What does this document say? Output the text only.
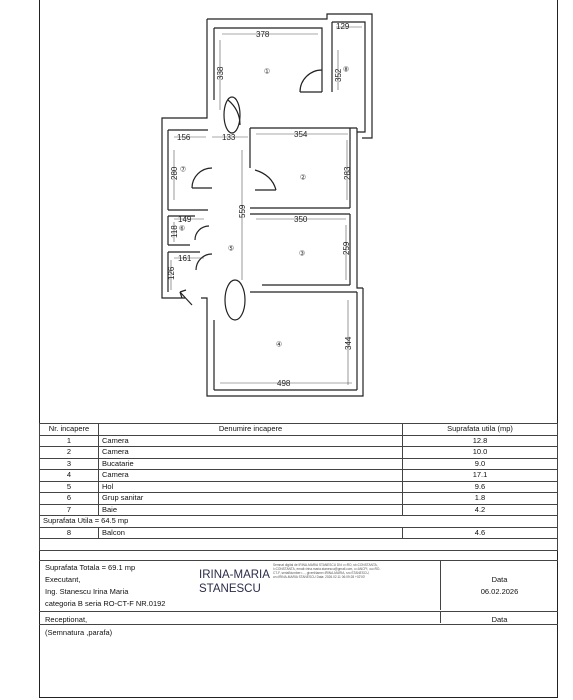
378
129
338	352
156	133	354
283
280
559
350
149
118
259
161
126
344
498
①
②
③
④
⑤
⑥
⑦
⑧
Nr. incapere	Denumire incapere	Suprafata utila (mp)
1	Camera	12.8
2	Camera	10.0
3	Bucatarie	9.0
4	Camera	17.1
5	Hol	9.6
6	Grup sanitar	1.8
7	Baie	4.2
Suprafata Utila = 64.5 mp		
8	Balcon	4.6

Suprafata Totala = 69.1 mp
Executant,
Ing. Stanescu Irina Maria
categoria B seria RO-CT-F NR.0192
Data
06.02.2026
IRINA-MARIA
STANESCU
Semnat digital de IRINA-MARIA STANESCU DN: c=RO, st=CONSTANTA, l=CONSTANTA, email=irina.maria.stanescu@gmail.com, o=ANCPI, ou=RO-CT-F, serialNumber=..., givenName=IRINA-MARIA, sn=STANESCU, cn=IRINA-MARIA STANESCU Data: 2026.02.11 06:09:28 +02'00'
Receptionat,	Data
(Semnatura ,parafa)
